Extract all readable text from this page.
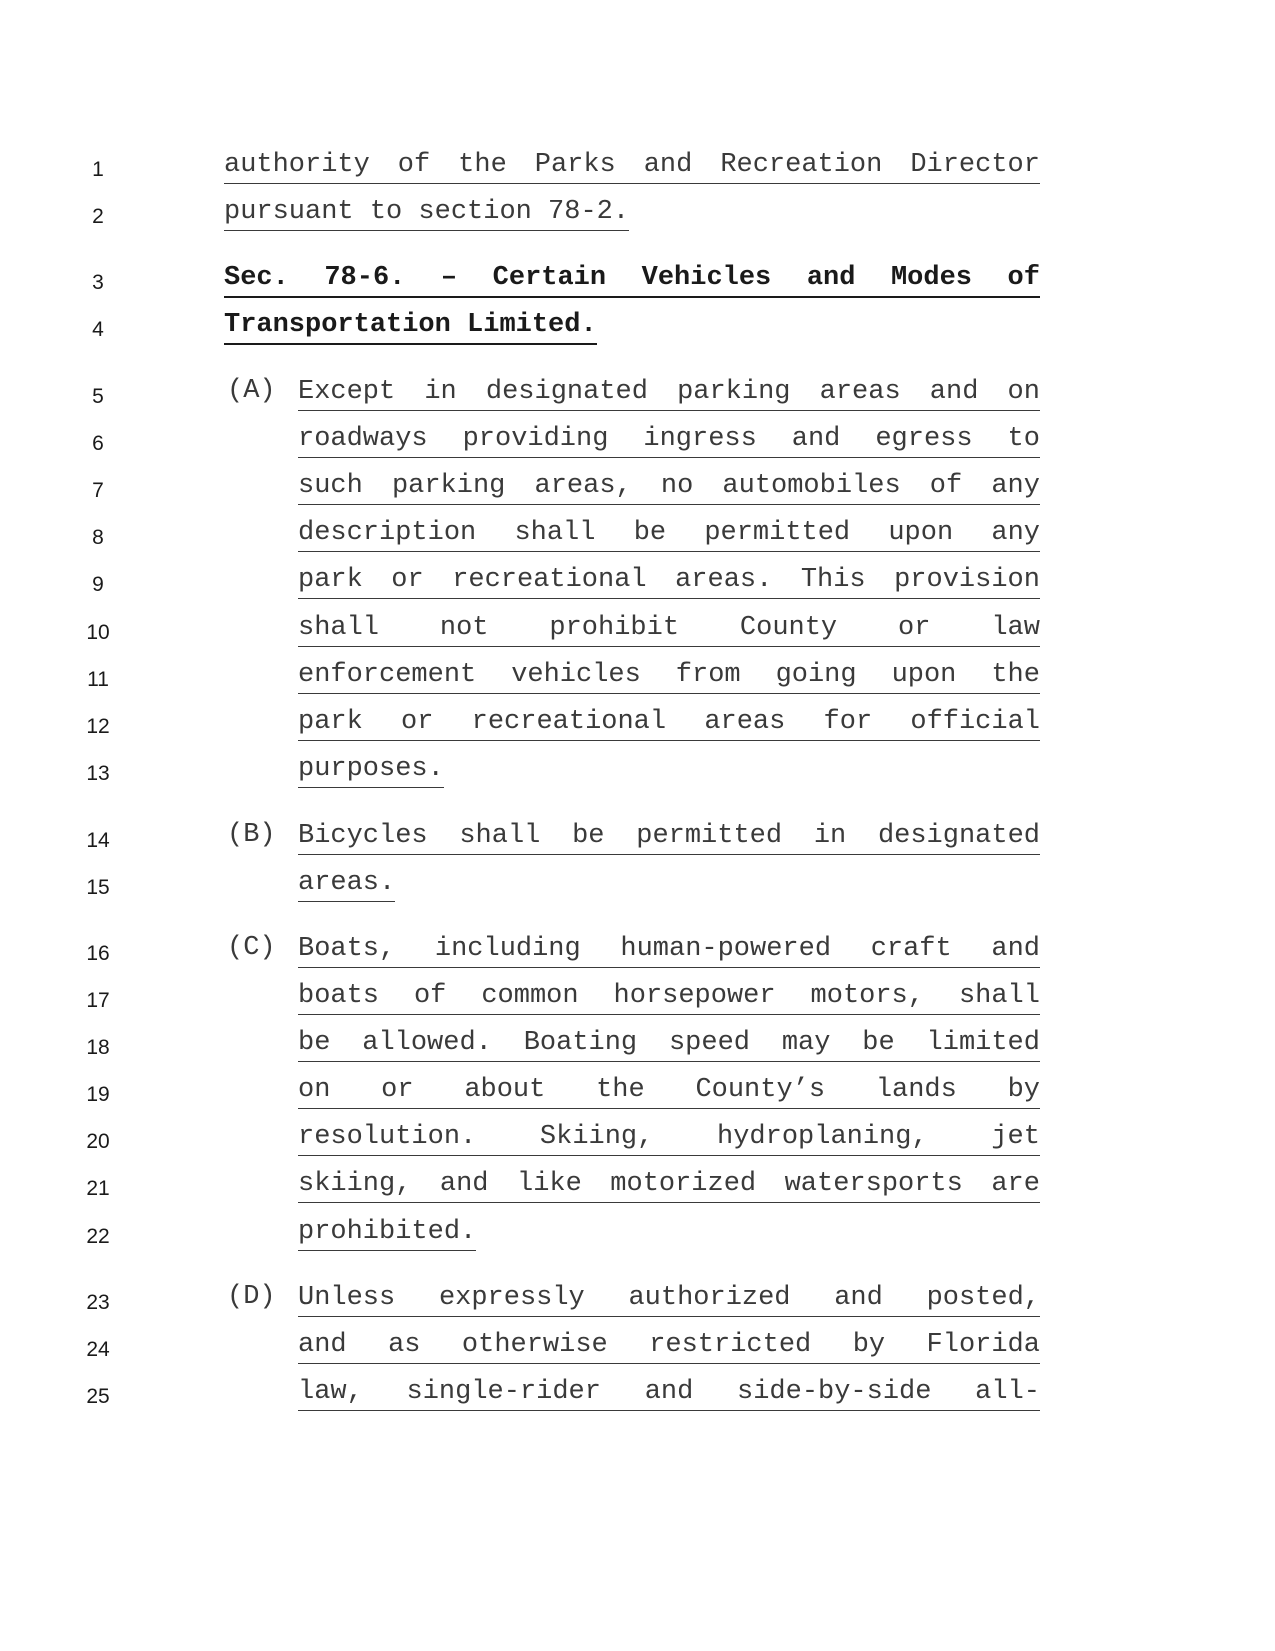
1	authority of the Parks and Recreation Director
2	pursuant to section 78-2.
3	Sec. 78-6. – Certain Vehicles and Modes of
4	Transportation Limited.
5	(A) Except in designated parking areas and on
6	roadways providing ingress and egress to
7	such parking areas, no automobiles of any
8	description shall be permitted upon any
9	park or recreational areas. This provision
10	shall not prohibit County or law
11	enforcement vehicles from going upon the
12	park or recreational areas for official
13	purposes.
14	(B) Bicycles shall be permitted in designated
15	areas.
16	(C) Boats, including human-powered craft and
17	boats of common horsepower motors, shall
18	be allowed. Boating speed may be limited
19	on or about the County’s lands by
20	resolution. Skiing, hydroplaning, jet
21	skiing, and like motorized watersports are
22	prohibited.
23	(D) Unless expressly authorized and posted,
24	and as otherwise restricted by Florida
25	law, single-rider and side-by-side all-
